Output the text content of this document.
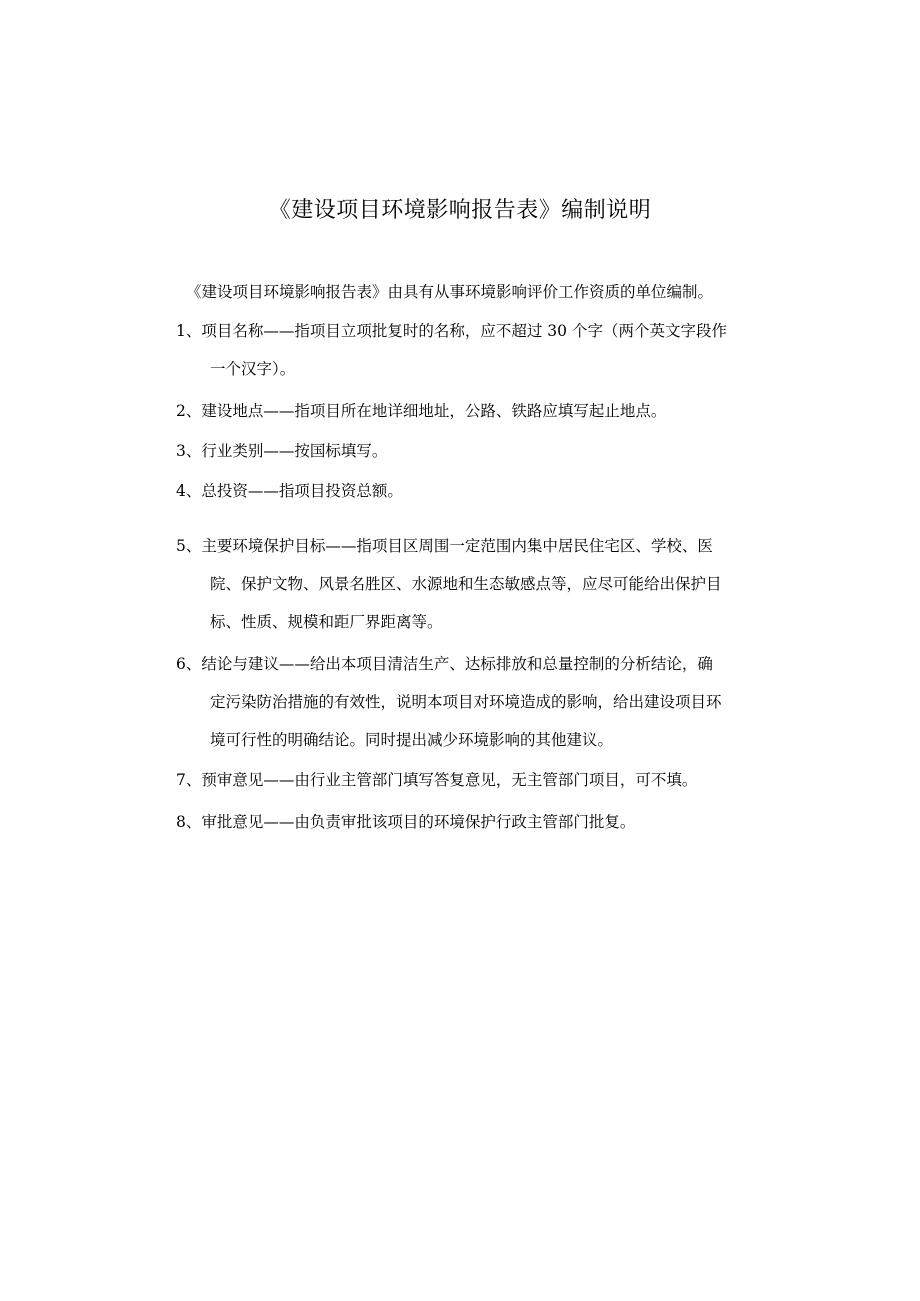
《建设项目环境影响报告表》编制说明
《建设项目环境影响报告表》由具有从事环境影响评价工作资质的单位编制。
1、项目名称——指项目立项批复时的名称，应不超过 30 个字（两个英文字段作
一个汉字）。
2、建设地点——指项目所在地详细地址，公路、铁路应填写起止地点。
3、行业类别——按国标填写。
4、总投资——指项目投资总额。
5、主要环境保护目标——指项目区周围一定范围内集中居民住宅区、学校、医
院、保护文物、风景名胜区、水源地和生态敏感点等，应尽可能给出保护目
标、性质、规模和距厂界距离等。
6、结论与建议——给出本项目清洁生产、达标排放和总量控制的分析结论，确
定污染防治措施的有效性，说明本项目对环境造成的影响，给出建设项目环
境可行性的明确结论。同时提出减少环境影响的其他建议。
7、预审意见——由行业主管部门填写答复意见，无主管部门项目，可不填。
8、审批意见——由负责审批该项目的环境保护行政主管部门批复。
